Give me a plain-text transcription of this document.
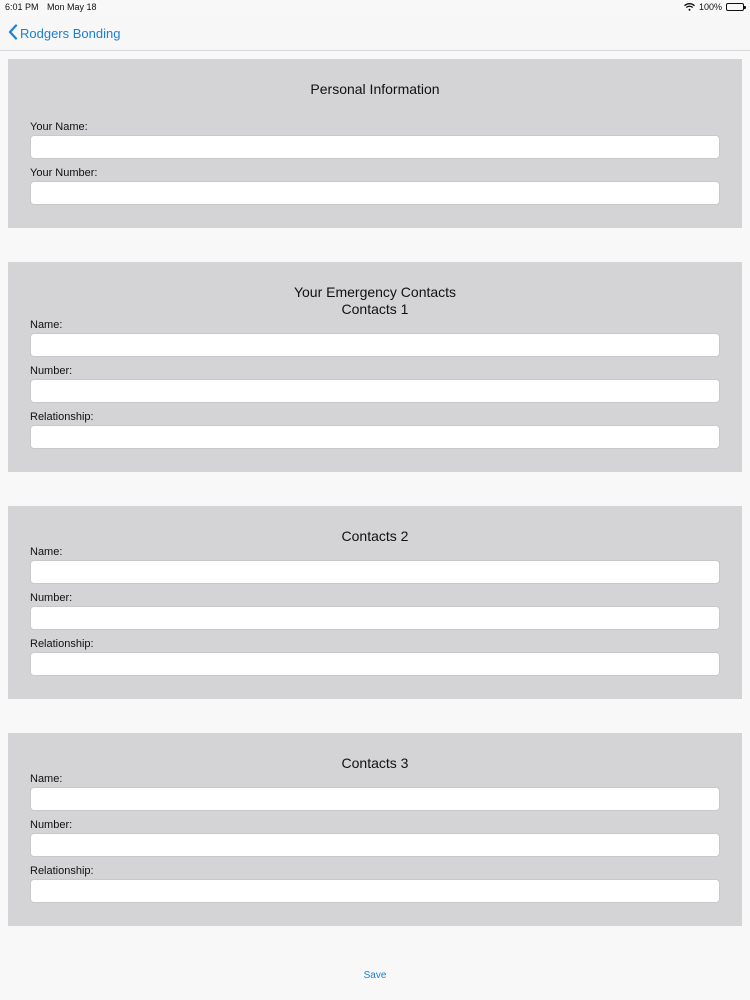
6:01 PM Mon May 18	100%
Rodgers Bonding
Personal Information
Your Name:
Your Number:
Your Emergency Contacts
Contacts 1
Name:
Number:
Relationship:
Contacts 2
Name:
Number:
Relationship:
Contacts 3
Name:
Number:
Relationship:
Save
